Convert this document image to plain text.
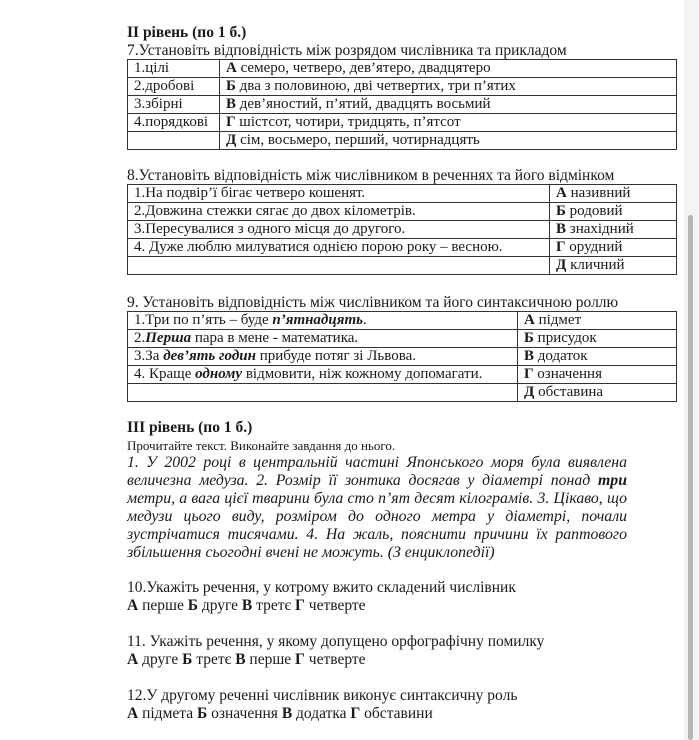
II рівень (по 1 б.)
7.Установіть відповідність між розрядом числівника та прикладом
1.цілі	А семеро, четверо, дев’ятеро, двадцятеро
2.дробові	Б два з половиною, дві четвертих, три п’ятих
3.збірні	В дев’яностий, п’ятий, двадцять восьмий
4.порядкові	Г шістсот, чотири, тридцять, п’ятсот
	Д сім, восьмеро, перший, чотирнадцять
8.Установіть відповідність між числівником в реченнях та його відмінком
1.На подвір’ї бігає четверо кошенят.	А називний
2.Довжина стежки сягає до двох кілометрів.	Б родовий
3.Пересувалися з одного місця до другого.	В знахідний
4. Дуже люблю милуватися однією порою року – весною.	Г орудний
	Д кличний
9. Установіть відповідність між числівником та його синтаксичною роллю
1.Три по п’ять – буде п’ятнадцять.	А підмет
2.Перша пара в мене - математика.	Б присудок
3.За дев’ять годин прибуде потяг зі Львова.	В додаток
4. Краще одному відмовити, ніж кожному допомагати.	Г означення
	Д обставина
III рівень (по 1 б.)
Прочитайте текст. Виконайте завдання до нього.
1. У 2002 році в центральній частині Японського моря була виявлена
величезна медуза. 2. Розмір її зонтика досягав у діаметрі понад три
метри, а вага цієї тварини була сто п’ят десят кілограмів. 3. Цікаво, що
медузи цього виду, розміром до одного метра у діаметрі, почали
зустрічатися тисячами. 4. На жаль, пояснити причини їх раптового
збільшення сьогодні вчені не можуть. (З енциклопедії)
10.Укажіть речення, у котрому вжито складений числівник
А перше Б друге В третє Г четверте
11. Укажіть речення, у якому допущено орфографічну помилку
А друге Б третє В перше Г четверте
12.У другому реченні числівник виконує синтаксичну роль
А підмета Б означення В додатка Г обставини
